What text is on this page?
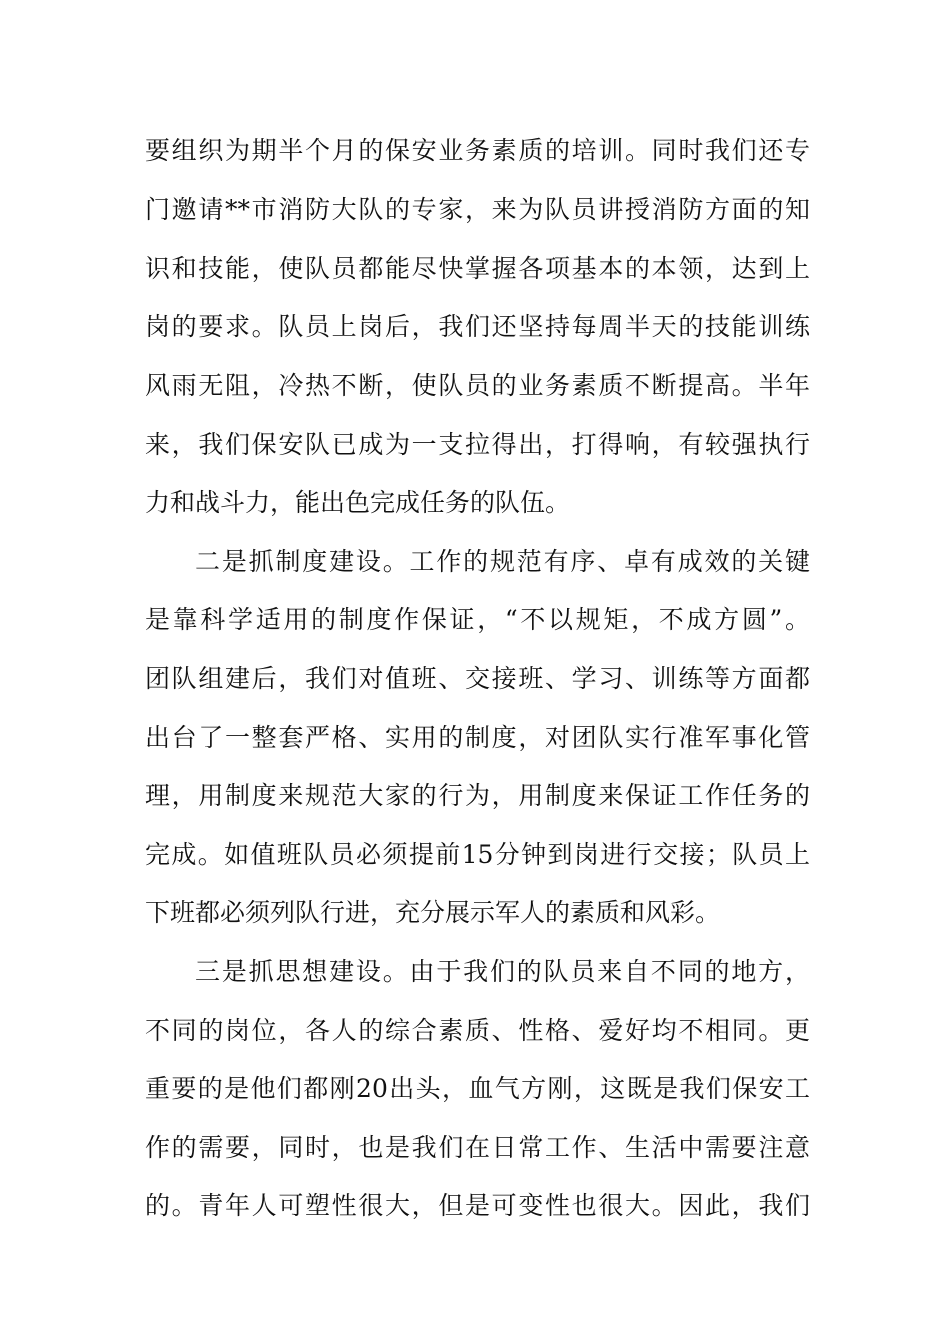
要组织为期半个月的保安业务素质的培训。同时我们还专
门邀请**市消防大队的专家，来为队员讲授消防方面的知
识和技能，使队员都能尽快掌握各项基本的本领，达到上
岗的要求。队员上岗后，我们还坚持每周半天的技能训练
风雨无阻，冷热不断，使队员的业务素质不断提高。半年
来，我们保安队已成为一支拉得出，打得响，有较强执行
力和战斗力，能出色完成任务的队伍。
二是抓制度建设。工作的规范有序、卓有成效的关键
是靠科学适用的制度作保证，“不以规矩，不成方圆”。
团队组建后，我们对值班、交接班、学习、训练等方面都
出台了一整套严格、实用的制度，对团队实行准军事化管
理，用制度来规范大家的行为，用制度来保证工作任务的
完成。如值班队员必须提前15分钟到岗进行交接；队员上
下班都必须列队行进，充分展示军人的素质和风彩。
三是抓思想建设。由于我们的队员来自不同的地方，
不同的岗位，各人的综合素质、性格、爱好均不相同。更
重要的是他们都刚20出头，血气方刚，这既是我们保安工
作的需要，同时，也是我们在日常工作、生活中需要注意
的。青年人可塑性很大，但是可变性也很大。因此，我们
